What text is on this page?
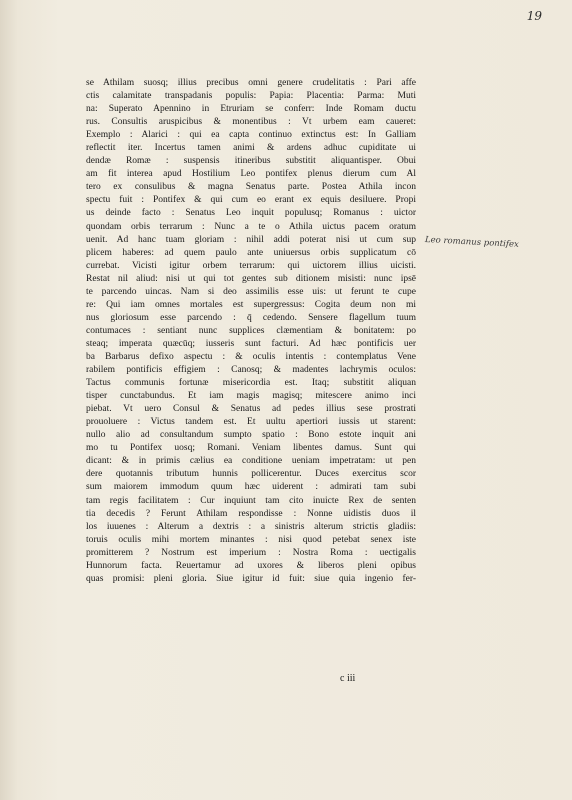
19
se Athilam suosq; illius precibus omni genere crudelitatis : Pari affe
ctis calamitate transpadanis populis: Papia: Placentia: Parma: Muti
na: Superato Apennino in Etruriam se conferr: Inde Romam ductu
rus. Consultis aruspicibus & monentibus : Vt urbem eam caueret:
Exemplo : Alarici : qui ea capta continuo extinctus est: In Galliam
reflectit iter. Incertus tamen animi & ardens adhuc cupiditate ui
dendæ Romæ : suspensis itineribus substitit aliquantisper. Obui
am fit interea apud Hostilium Leo pontifex plenus dierum cum Al
tero ex consulibus & magna Senatus parte. Postea Athila incon
spectu fuit : Pontifex & qui cum eo erant ex equis desiluere. Propi
us deinde facto : Senatus Leo inquit populusq; Romanus : uictor
quondam orbis terrarum : Nunc a te o Athila uictus pacem oratum
uenit. Ad hanc tuam gloriam : nihil addi poterat nisi ut cum sup
plicem haberes: ad quem paulo ante uniuersus orbis supplicatum cō
currebat. Vicisti igitur orbem terrarum: qui uictorem illius uicisti.
Restat nil aliud: nisi ut qui tot gentes sub ditionem misisti: nunc ipsē
te parcendo uincas. Nam si deo assimilis esse uis: ut ferunt te cupe
re: Qui iam omnes mortales est supergressus: Cogita deum non mi
nus gloriosum esse parcendo : q̄ cedendo. Sensere flagellum tuum
contumaces : sentiant nunc supplices clæmentiam & bonitatem: po
steaq; imperata quæcūq; iusseris sunt facturi. Ad hæc pontificis uer
ba Barbarus defixo aspectu : & oculis intentis : contemplatus Vene
rabilem pontificis effigiem : Canosq; & madentes lachrymis oculos:
Tactus communis fortunæ misericordia est. Itaq; substitit aliquan
tisper cunctabundus. Et iam magis magisq; mitescere animo inci
piebat. Vt uero Consul & Senatus ad pedes illius sese prostrati
prouoluere : Victus tandem est. Et uultu apertiori iussis ut starent:
nullo alio ad consultandum sumpto spatio : Bono estote inquit ani
mo tu Pontifex uosq; Romani. Veniam libentes damus. Sunt qui
dicant: & in primis cælius ea conditione ueniam impetratam: ut pen
dere quotannis tributum hunnis pollicerentur. Duces exercitus scor
sum maiorem immodum quum hæc uiderent : admirati tam subi
tam regis facilitatem : Cur inquiunt tam cito inuicte Rex de senten
tia decedis ? Ferunt Athilam respondisse : Nonne uidistis duos il
los iuuenes : Alterum a dextris : a sinistris alterum strictis gladiis:
toruis oculis mihi mortem minantes : nisi quod petebat senex iste
promitterem ? Nostrum est imperium : Nostra Roma : uectigalis
Hunnorum facta. Reuertamur ad uxores & liberos pleni opibus
quas promisi: pleni gloria. Siue igitur id fuit: siue quia ingenio fer-
Leo romanus pontifex
c iii
